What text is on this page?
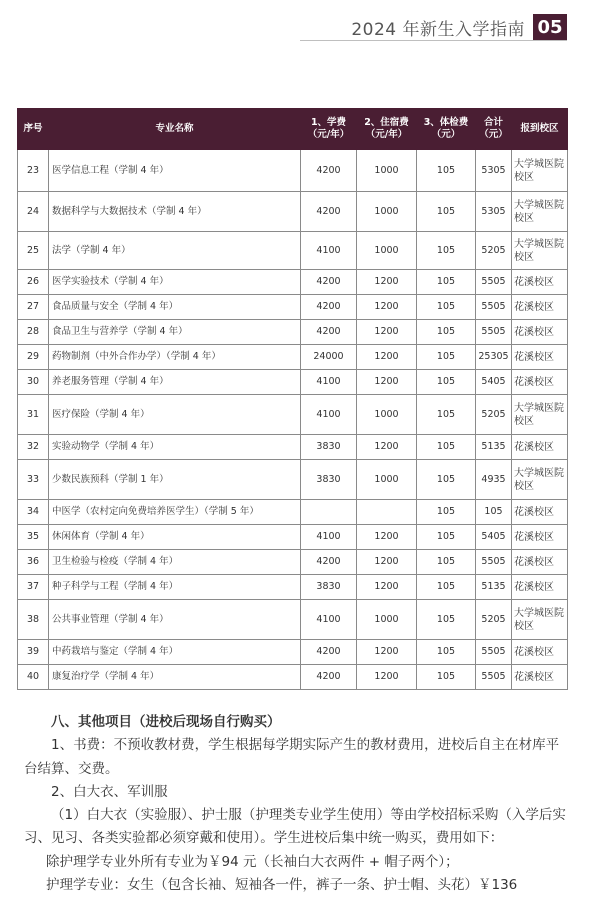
2024 年新生入学指南 05
序号	专业名称	1、学费（元/年）	2、住宿费（元/年）	3、体检费（元）	合计（元）	报到校区
23	医学信息工程（学制 4 年）	4200	1000	105	5305	大学城医院校区
24	数据科学与大数据技术（学制 4 年）	4200	1000	105	5305	大学城医院校区
25	法学（学制 4 年）	4100	1000	105	5205	大学城医院校区
26	医学实验技术（学制 4 年）	4200	1200	105	5505	花溪校区
27	食品质量与安全（学制 4 年）	4200	1200	105	5505	花溪校区
28	食品卫生与营养学（学制 4 年）	4200	1200	105	5505	花溪校区
29	药物制剂（中外合作办学）（学制 4 年）	24000	1200	105	25305	花溪校区
30	养老服务管理（学制 4 年）	4100	1200	105	5405	花溪校区
31	医疗保险（学制 4 年）	4100	1000	105	5205	大学城医院校区
32	实验动物学（学制 4 年）	3830	1200	105	5135	花溪校区
33	少数民族预科（学制 1 年）	3830	1000	105	4935	大学城医院校区
34	中医学（农村定向免费培养医学生）（学制 5 年）			105	105	花溪校区
35	休闲体育（学制 4 年）	4100	1200	105	5405	花溪校区
36	卫生检验与检疫（学制 4 年）	4200	1200	105	5505	花溪校区
37	种子科学与工程（学制 4 年）	3830	1200	105	5135	花溪校区
38	公共事业管理（学制 4 年）	4100	1000	105	5205	大学城医院校区
39	中药栽培与鉴定（学制 4 年）	4200	1200	105	5505	花溪校区
40	康复治疗学（学制 4 年）	4200	1200	105	5505	花溪校区

八、其他项目（进校后现场自行购买）

1、书费：不预收教材费，学生根据每学期实际产生的教材费用，进校后自主在材库平台结算、交费。

2、白大衣、军训服

（1）白大衣（实验服）、护士服（护理类专业学生使用）等由学校招标采购（入学后实习、见习、各类实验都必须穿戴和使用）。学生进校后集中统一购买，费用如下：

除护理学专业外所有专业为￥94 元（长袖白大衣两件 + 帽子两个）；

护理学专业：女生（包含长袖、短袖各一件，裤子一条、护士帽、头花）￥136
